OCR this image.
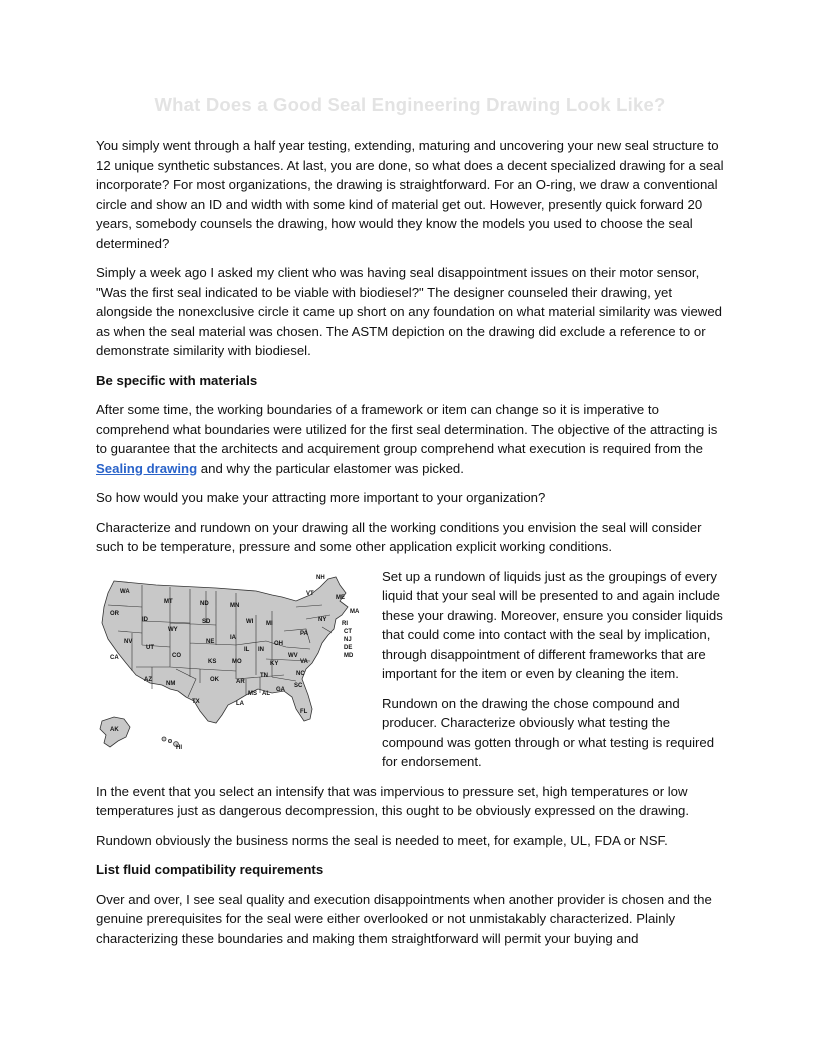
What Does a Good Seal Engineering Drawing Look Like?

You simply went through a half year testing, extending, maturing and uncovering your new seal structure to 12 unique synthetic substances. At last, you are done, so what does a decent specialized drawing for a seal incorporate? For most organizations, the drawing is straightforward. For an O-ring, we draw a conventional circle and show an ID and width with some kind of material get out. However, presently quick forward 20 years, somebody counsels the drawing, how would they know the models you used to choose the seal determined?

Simply a week ago I asked my client who was having seal disappointment issues on their motor sensor, "Was the first seal indicated to be viable with biodiesel?" The designer counseled their drawing, yet alongside the nonexclusive circle it came up short on any foundation on what material similarity was viewed as when the seal material was chosen. The ASTM depiction on the drawing did exclude a reference to or demonstrate similarity with biodiesel.

Be specific with materials

After some time, the working boundaries of a framework or item can change so it is imperative to comprehend what boundaries were utilized for the first seal determination. The objective of the attracting is to guarantee that the architects and acquirement group comprehend what execution is required from the Sealing drawing and why the particular elastomer was picked.

So how would you make your attracting more important to your organization?

Characterize and rundown on your drawing all the working conditions you envision the seal will consider such to be temperature, pressure and some other application explicit working conditions.

WA
MT	ND	MN
OR
ID	SD	WI MI
WY
NE
IA
NV
UT
CO
IL IN
OH
PA
NY
CA
KS	MO	KY
WV
VA
AZ
NM
OK	AR
TN	NC
SC
MS AL
GA
TX	LA
FL
AK
HI
VT
NH
ME
MA
RI
CT
NJ
DE
MD

Set up a rundown of liquids just as the groupings of every liquid that your seal will be presented to and again include these your drawing. Moreover, ensure you consider liquids that could come into contact with the seal by implication, through disappointment of different frameworks that are important for the item or even by cleaning the item.

Rundown on the drawing the chose compound and producer. Characterize obviously what testing the compound was gotten through or what testing is required for endorsement.

In the event that you select an intensify that was impervious to pressure set, high temperatures or low temperatures just as dangerous decompression, this ought to be obviously expressed on the drawing.

Rundown obviously the business norms the seal is needed to meet, for example, UL, FDA or NSF.

List fluid compatibility requirements

Over and over, I see seal quality and execution disappointments when another provider is chosen and the genuine prerequisites for the seal were either overlooked or not unmistakably characterized. Plainly characterizing these boundaries and making them straightforward will permit your buying and
